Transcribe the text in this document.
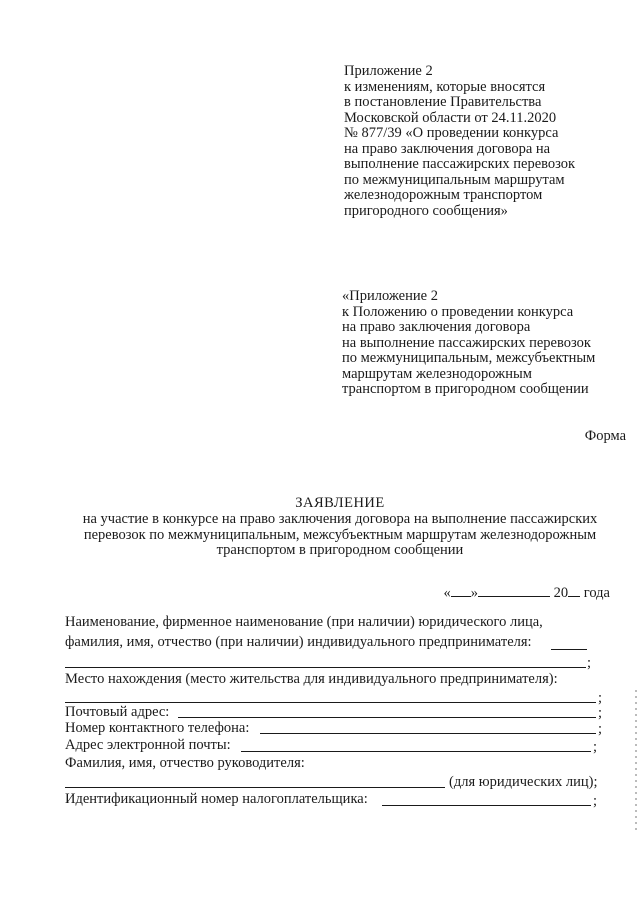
Приложение 2
к изменениям, которые вносятся
в постановление Правительства
Московской области от 24.11.2020
№ 877/39 «О проведении конкурса
на право заключения договора на
выполнение пассажирских перевозок
по межмуниципальным маршрутам
железнодорожным транспортом
пригородного сообщения»
«Приложение 2
к Положению о проведении конкурса
на право заключения договора
на выполнение пассажирских перевозок
по межмуниципальным, межсубъектным
маршрутам железнодорожным
транспортом в пригородном сообщении
Форма
ЗАЯВЛЕНИЕ
на участие в конкурсе на право заключения договора на выполнение пассажирских
перевозок по межмуниципальным, межсубъектным маршрутам железнодорожным
транспортом в пригородном сообщении
« »	20 года
Наименование, фирменное наименование (при наличии) юридического лица,
фамилия, имя, отчество (при наличии) индивидуального предпринимателя:
;
Место нахождения (место жительства для индивидуального предпринимателя):
;
Почтовый адрес:	;
Номер контактного телефона:	;
Адрес электронной почты:	;
Фамилия, имя, отчество руководителя:
(для юридических лиц);
Идентификационный номер налогоплательщика:	;
